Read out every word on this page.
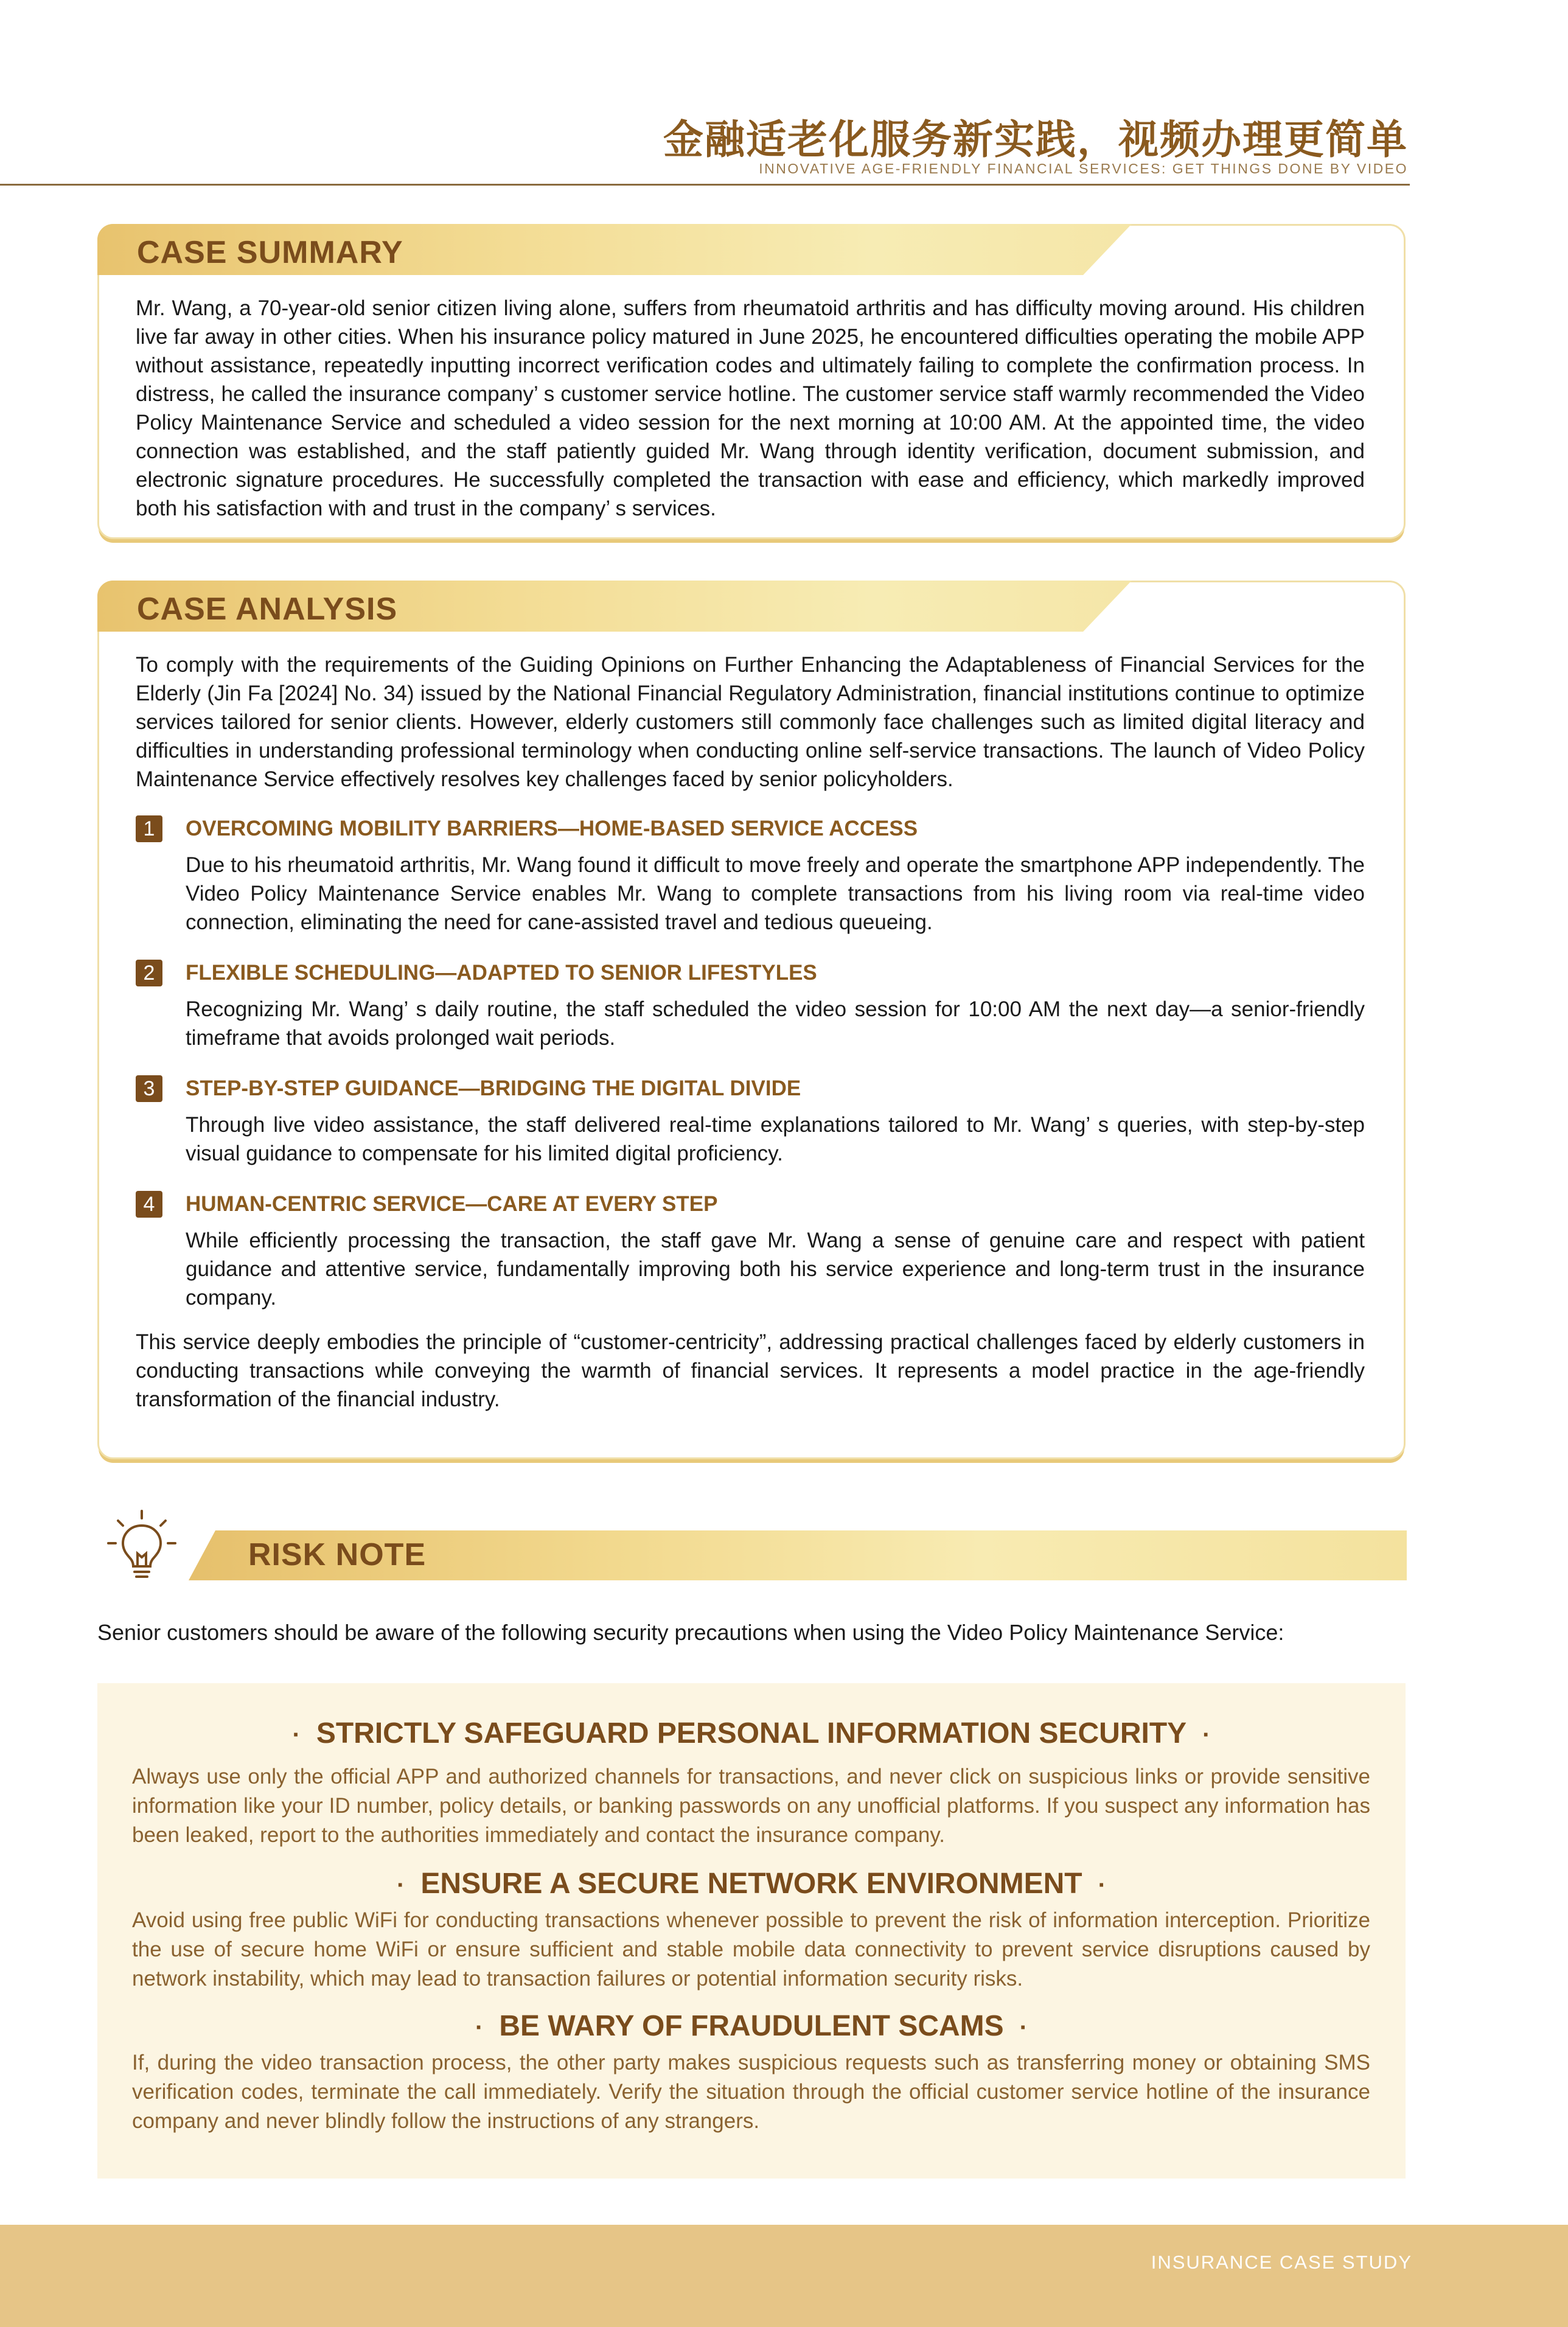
金融适老化服务新实践，视频办理更简单
INNOVATIVE AGE-FRIENDLY FINANCIAL SERVICES: GET THINGS DONE BY VIDEO
CASE SUMMARY

Mr. Wang, a 70-year-old senior citizen living alone, suffers from rheumatoid arthritis and has difficulty moving around. His children live far away in other cities. When his insurance policy matured in June 2025, he encountered difficulties operating the mobile APP without assistance, repeatedly inputting incorrect verification codes and ultimately failing to complete the confirmation process. In distress, he called the insurance company’ s customer service hotline. The customer service staff warmly recommended the Video Policy Maintenance Service and scheduled a video session for the next morning at 10:00 AM. At the appointed time, the video connection was established, and the staff patiently guided Mr. Wang through identity verification, document submission, and electronic signature procedures. He successfully completed the transaction with ease and efficiency, which markedly improved both his satisfaction with and trust in the company’ s services.

CASE ANALYSIS

To comply with the requirements of the Guiding Opinions on Further Enhancing the Adaptableness of Financial Services for the Elderly (Jin Fa [2024] No. 34) issued by the National Financial Regulatory Administration, financial institutions continue to optimize services tailored for senior clients. However, elderly customers still commonly face challenges such as limited digital literacy and difficulties in understanding professional terminology when conducting online self-service transactions. The launch of Video Policy Maintenance Service effectively resolves key challenges faced by senior policyholders.

1	OVERCOMING MOBILITY BARRIERS—HOME-BASED SERVICE ACCESS

Due to his rheumatoid arthritis, Mr. Wang found it difficult to move freely and operate the smartphone APP independently. The Video Policy Maintenance Service enables Mr. Wang to complete transactions from his living room via real-time video connection, eliminating the need for cane-assisted travel and tedious queueing.

2	FLEXIBLE SCHEDULING—ADAPTED TO SENIOR LIFESTYLES

Recognizing Mr. Wang’ s daily routine, the staff scheduled the video session for 10:00 AM the next day—a senior-friendly timeframe that avoids prolonged wait periods.

3	STEP-BY-STEP GUIDANCE—BRIDGING THE DIGITAL DIVIDE

Through live video assistance, the staff delivered real-time explanations tailored to Mr. Wang’ s queries, with step-by-step visual guidance to compensate for his limited digital proficiency.

4	HUMAN-CENTRIC SERVICE—CARE AT EVERY STEP

While efficiently processing the transaction, the staff gave Mr. Wang a sense of genuine care and respect with patient guidance and attentive service, fundamentally improving both his service experience and long-term trust in the insurance company.

This service deeply embodies the principle of “customer-centricity”, addressing practical challenges faced by elderly customers in conducting transactions while conveying the warmth of financial services. It represents a model practice in the age-friendly transformation of the financial industry.

RISK NOTE
Senior customers should be aware of the following security precautions when using the Video Policy Maintenance Service:
· STRICTLY SAFEGUARD PERSONAL INFORMATION SECURITY ·

Always use only the official APP and authorized channels for transactions, and never click on suspicious links or provide sensitive information like your ID number, policy details, or banking passwords on any unofficial platforms. If you suspect any information has been leaked, report to the authorities immediately and contact the insurance company.

· ENSURE A SECURE NETWORK ENVIRONMENT ·

Avoid using free public WiFi for conducting transactions whenever possible to prevent the risk of information interception. Prioritize the use of secure home WiFi or ensure sufficient and stable mobile data connectivity to prevent service disruptions caused by network instability, which may lead to transaction failures or potential information security risks.

· BE WARY OF FRAUDULENT SCAMS ·

If, during the video transaction process, the other party makes suspicious requests such as transferring money or obtaining SMS verification codes, terminate the call immediately. Verify the situation through the official customer service hotline of the insurance company and never blindly follow the instructions of any strangers.

INSURANCE CASE STUDY
